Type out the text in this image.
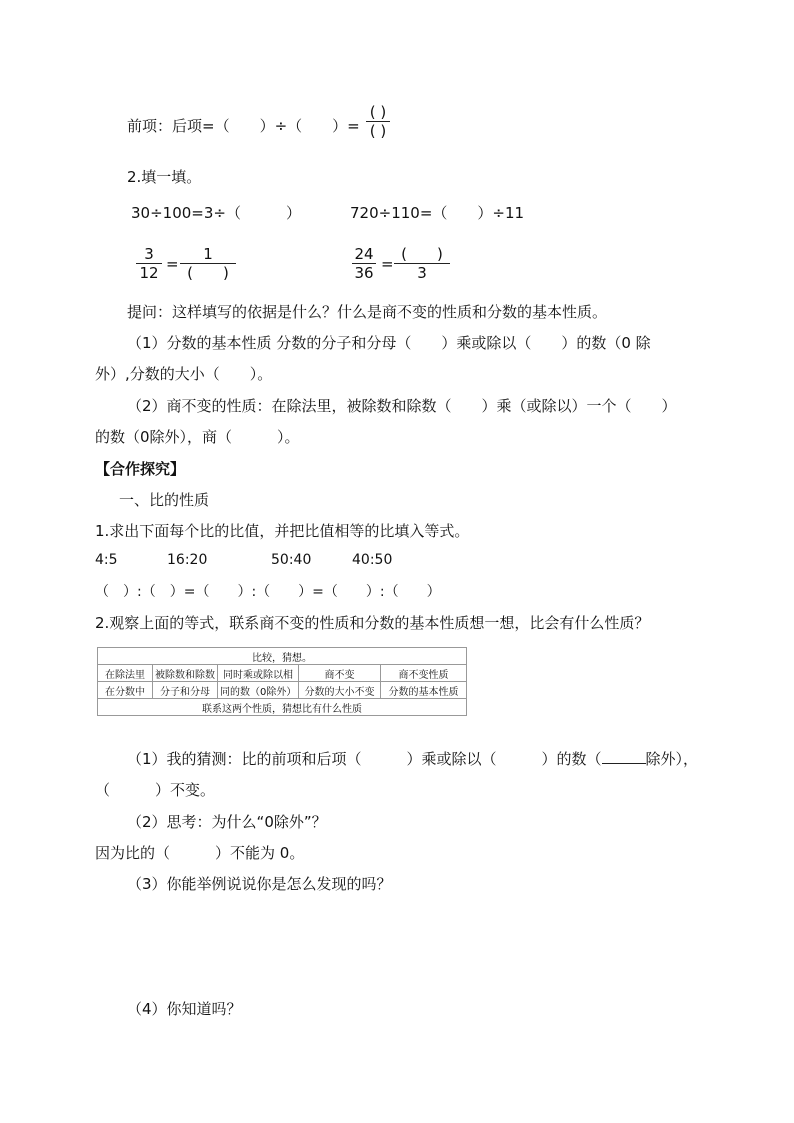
前项：后项=（　　）÷（　　）=
( )
( )
2.填一填。
30÷100=3÷（　　　）	720÷110=（　　）÷11
3
12 =
1
(　　)
24
36 =
(　　)
3
提问：这样填写的依据是什么？什么是商不变的性质和分数的基本性质。
（1）分数的基本性质 分数的分子和分母（　　）乘或除以（　　）的数（0 除
外）,分数的大小（　　）。
（2）商不变的性质：在除法里，被除数和除数（　　）乘（或除以）一个（　　）
的数（0除外），商（　　　）。
【合作探究】
一、比的性质
1.求出下面每个比的比值，并把比值相等的比填入等式。
4:5	16:20	50:40	40:50
（　）:（　）=（　　）:（　　）=（　　）:（　　）
2.观察上面的等式，联系商不变的性质和分数的基本性质想一想，比会有什么性质？
比较，猜想。				
在除法里	被除数和除数	同时乘或除以相	商不变	商不变性质
在分数中	分子和分母	同的数（0除外）	分数的大小不变	分数的基本性质
联系这两个性质，猜想比有什么性质				
（1）我的猜测：比的前项和后项（　　　）乘或除以（　　　）的数（	除外），
（　　　）不变。
（2）思考：为什么“0除外”？
因为比的（　　　）不能为 0。
（3）你能举例说说你是怎么发现的吗？
（4）你知道吗？
